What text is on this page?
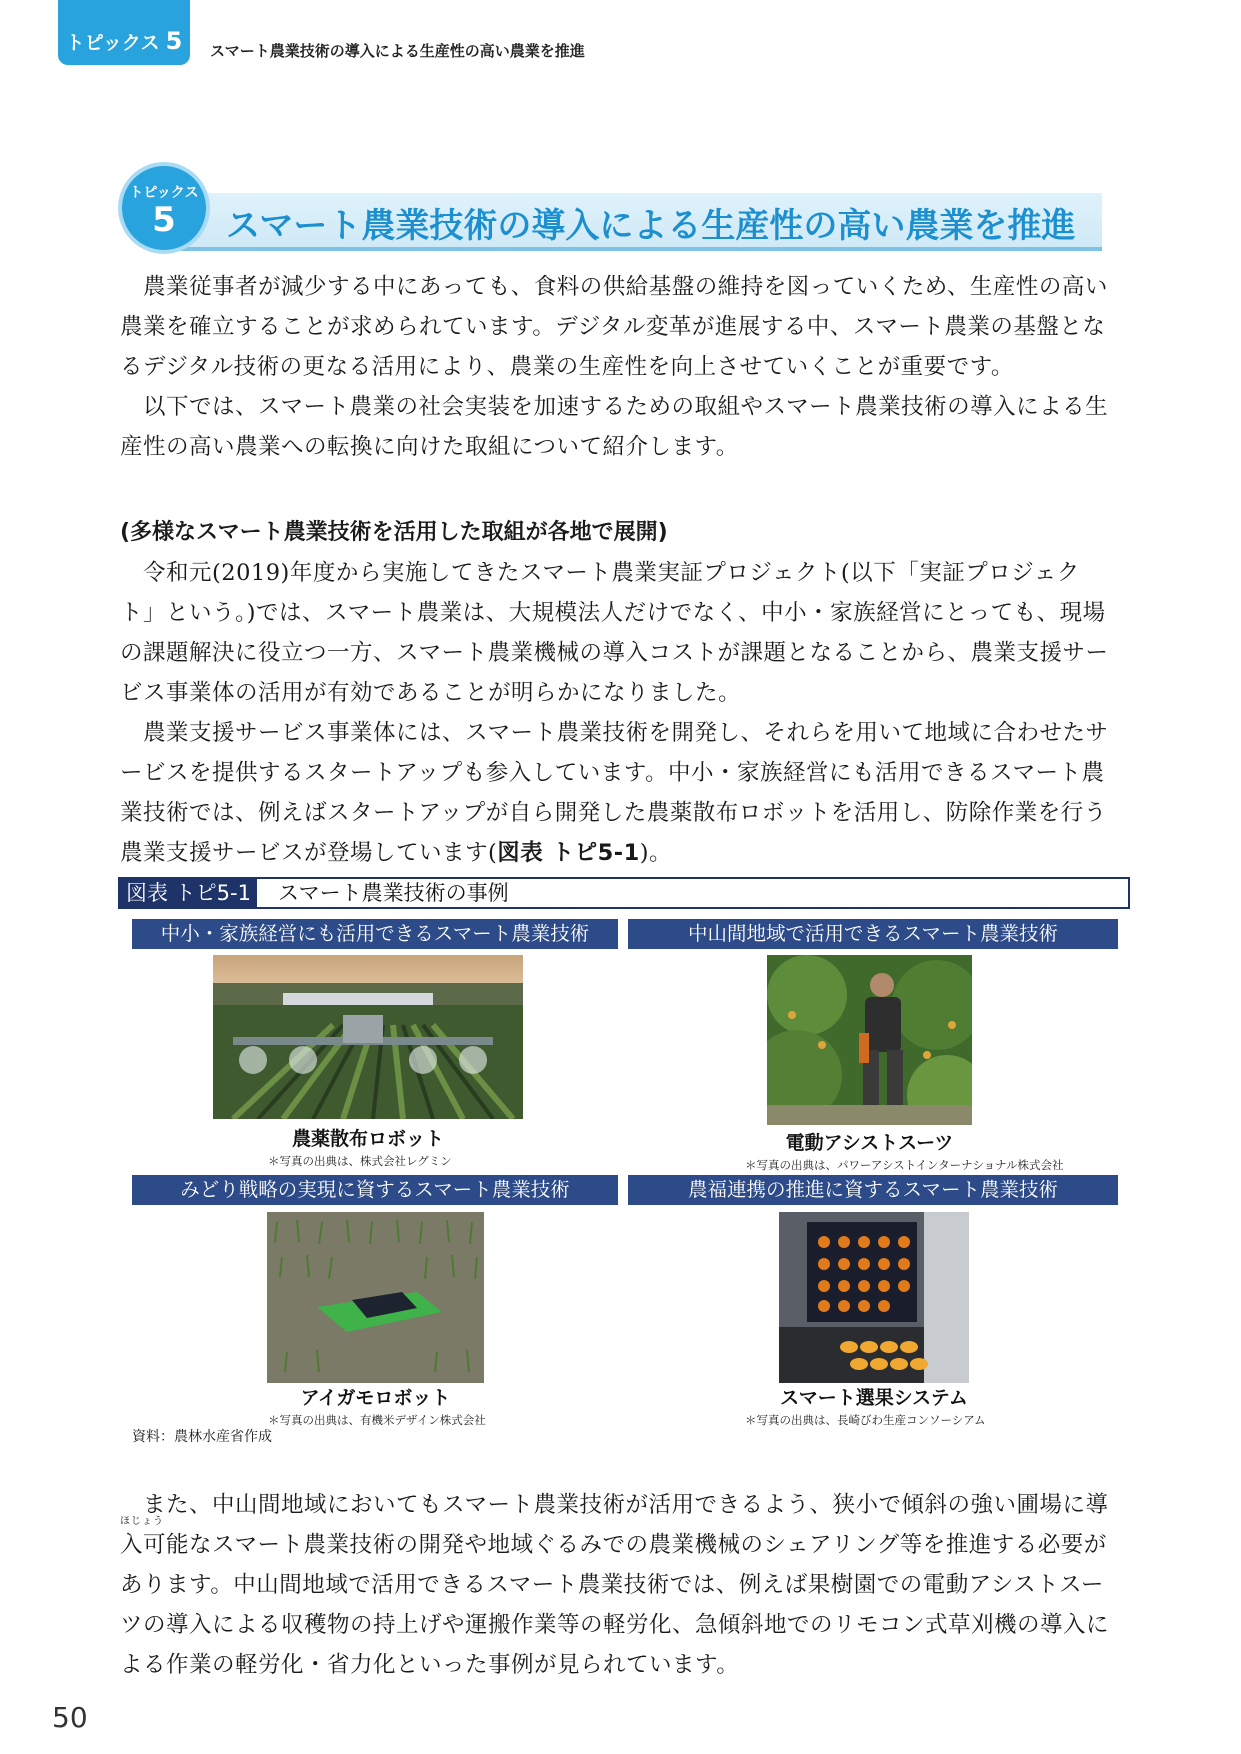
トピックス 5 スマート農業技術の導入による生産性の高い農業を推進
トピックス
5	スマート農業技術の導入による生産性の高い農業を推進

　農業従事者が減少する中にあっても、食料の供給基盤の維持を図っていくため、生産性の高い農業を確立することが求められています。デジタル変革が進展する中、スマート農業の基盤となるデジタル技術の更なる活用により、農業の生産性を向上させていくことが重要です。

　以下では、スマート農業の社会実装を加速するための取組やスマート農業技術の導入による生産性の高い農業への転換に向けた取組について紹介します。

(多様なスマート農業技術を活用した取組が各地で展開)

　令和元(2019)年度から実施してきたスマート農業実証プロジェクト(以下「実証プロジェクト」という。)では、スマート農業は、大規模法人だけでなく、中小・家族経営にとっても、現場の課題解決に役立つ一方、スマート農業機械の導入コストが課題となることから、農業支援サービス事業体の活用が有効であることが明らかになりました。

　農業支援サービス事業体には、スマート農業技術を開発し、それらを用いて地域に合わせたサービスを提供するスタートアップも参入しています。中小・家族経営にも活用できるスマート農業技術では、例えばスタートアップが自ら開発した農薬散布ロボットを活用し、防除作業を行う農業支援サービスが登場しています(図表 トピ5-1)。

図表 トピ5-1 スマート農業技術の事例
中小・家族経営にも活用できるスマート農業技術	中山間地域で活用できるスマート農業技術
みどり戦略の実現に資するスマート農業技術	農福連携の推進に資するスマート農業技術
農薬散布ロボット
＊写真の出典は、株式会社レグミン
電動アシストスーツ
＊写真の出典は、パワーアシストインターナショナル株式会社
アイガモロボット
＊写真の出典は、有機米デザイン株式会社
スマート選果システム
＊写真の出典は、長崎びわ生産コンソーシアム
資料：農林水産省作成
ほじょう

　また、中山間地域においてもスマート農業技術が活用できるよう、狭小で傾斜の強い圃場に導入可能なスマート農業技術の開発や地域ぐるみでの農業機械のシェアリング等を推進する必要があります。中山間地域で活用できるスマート農業技術では、例えば果樹園での電動アシストスーツの導入による収穫物の持上げや運搬作業等の軽労化、急傾斜地でのリモコン式草刈機の導入による作業の軽労化・省力化といった事例が見られています。

50
